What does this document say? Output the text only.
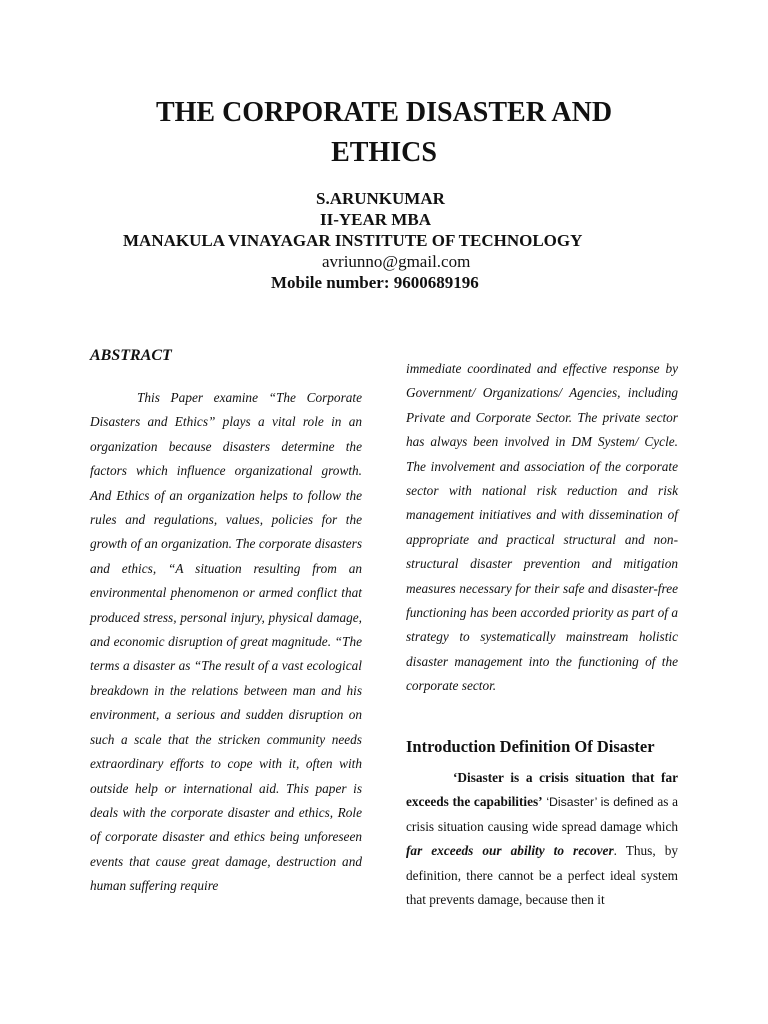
THE CORPORATE DISASTER AND
ETHICS
S.ARUNKUMAR
II-YEAR MBA
MANAKULA VINAYAGAR INSTITUTE OF TECHNOLOGY
avriunno@gmail.com
Mobile number: 9600689196
ABSTRACT

This Paper examine “The Corporate Disasters and Ethics” plays a vital role in an organization because disasters determine the factors which influence organizational growth. And Ethics of an organization helps to follow the rules and regulations, values, policies for the growth of an organization. The corporate disasters and ethics, “A situation resulting from an environmental phenomenon or armed conflict that produced stress, personal injury, physical damage, and economic disruption of great magnitude. “The terms a disaster as “The result of a vast ecological breakdown in the relations between man and his environment, a serious and sudden disruption on such a scale that the stricken community needs extraordinary efforts to cope with it, often with outside help or international aid. This paper is deals with the corporate disaster and ethics, Role of corporate disaster and ethics being unforeseen events that cause great damage, destruction and human suffering require

immediate coordinated and effective response by Government/ Organizations/ Agencies, including Private and Corporate Sector. The private sector has always been involved in DM System/ Cycle. The involvement and association of the corporate sector with national risk reduction and risk management initiatives and with dissemination of appropriate and practical structural and non-structural disaster prevention and mitigation measures necessary for their safe and disaster-free functioning has been accorded priority as part of a strategy to systematically mainstream holistic disaster management into the functioning of the corporate sector.

Introduction Definition Of Disaster

‘Disaster is a crisis situation that far exceeds the capabilities’ ‘Disaster’ is defined as a crisis situation causing wide spread damage which far exceeds our ability to recover. Thus, by definition, there cannot be a perfect ideal system that prevents damage, because then it
